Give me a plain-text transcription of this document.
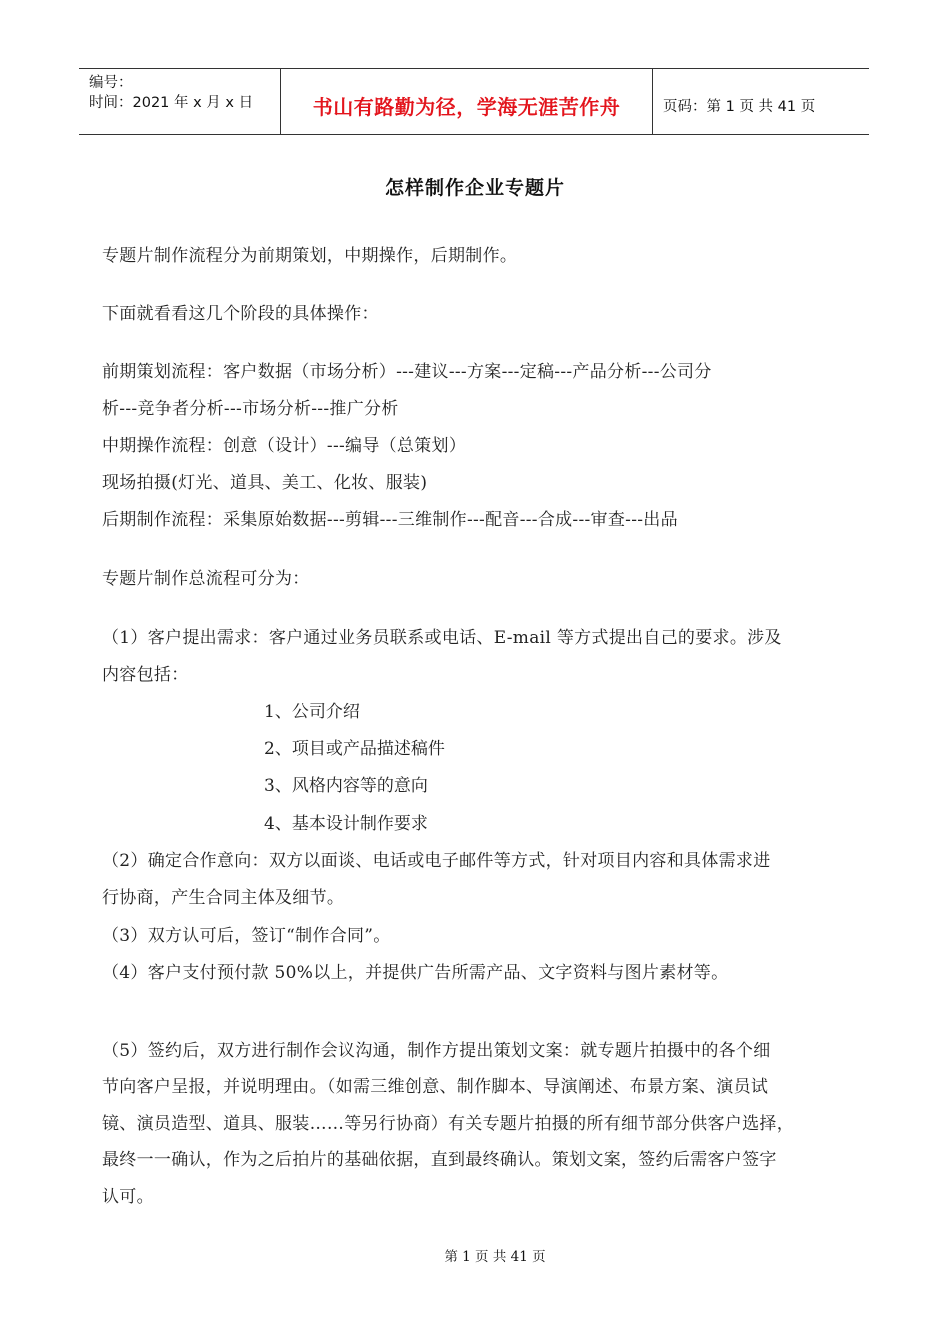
编号：
时间：2021 年 x 月 x 日	书山有路勤为径，学海无涯苦作舟	页码：第 1 页 共 41 页
怎样制作企业专题片
专题片制作流程分为前期策划，中期操作，后期制作。
下面就看看这几个阶段的具体操作：
前期策划流程：客户数据（市场分析）---建议---方案---定稿---产品分析---公司分
析---竞争者分析---市场分析---推广分析
中期操作流程：创意（设计）---编导（总策划）
现场拍摄(灯光、道具、美工、化妆、服装)
后期制作流程：采集原始数据---剪辑---三维制作---配音---合成---审查---出品
专题片制作总流程可分为：
（1）客户提出需求：客户通过业务员联系或电话、E-mail 等方式提出自己的要求。涉及
内容包括：
1、公司介绍
2、项目或产品描述稿件
3、风格内容等的意向
4、基本设计制作要求
（2）确定合作意向：双方以面谈、电话或电子邮件等方式，针对项目内容和具体需求进
行协商，产生合同主体及细节。
（3）双方认可后，签订“制作合同”。
（4）客户支付预付款 50%以上，并提供广告所需产品、文字资料与图片素材等。
（5）签约后，双方进行制作会议沟通，制作方提出策划文案：就专题片拍摄中的各个细
节向客户呈报，并说明理由。（如需三维创意、制作脚本、导演阐述、布景方案、演员试
镜、演员造型、道具、服装……等另行协商）有关专题片拍摄的所有细节部分供客户选择，
最终一一确认，作为之后拍片的基础依据，直到最终确认。策划文案，签约后需客户签字
认可。
第 1 页 共 41 页
